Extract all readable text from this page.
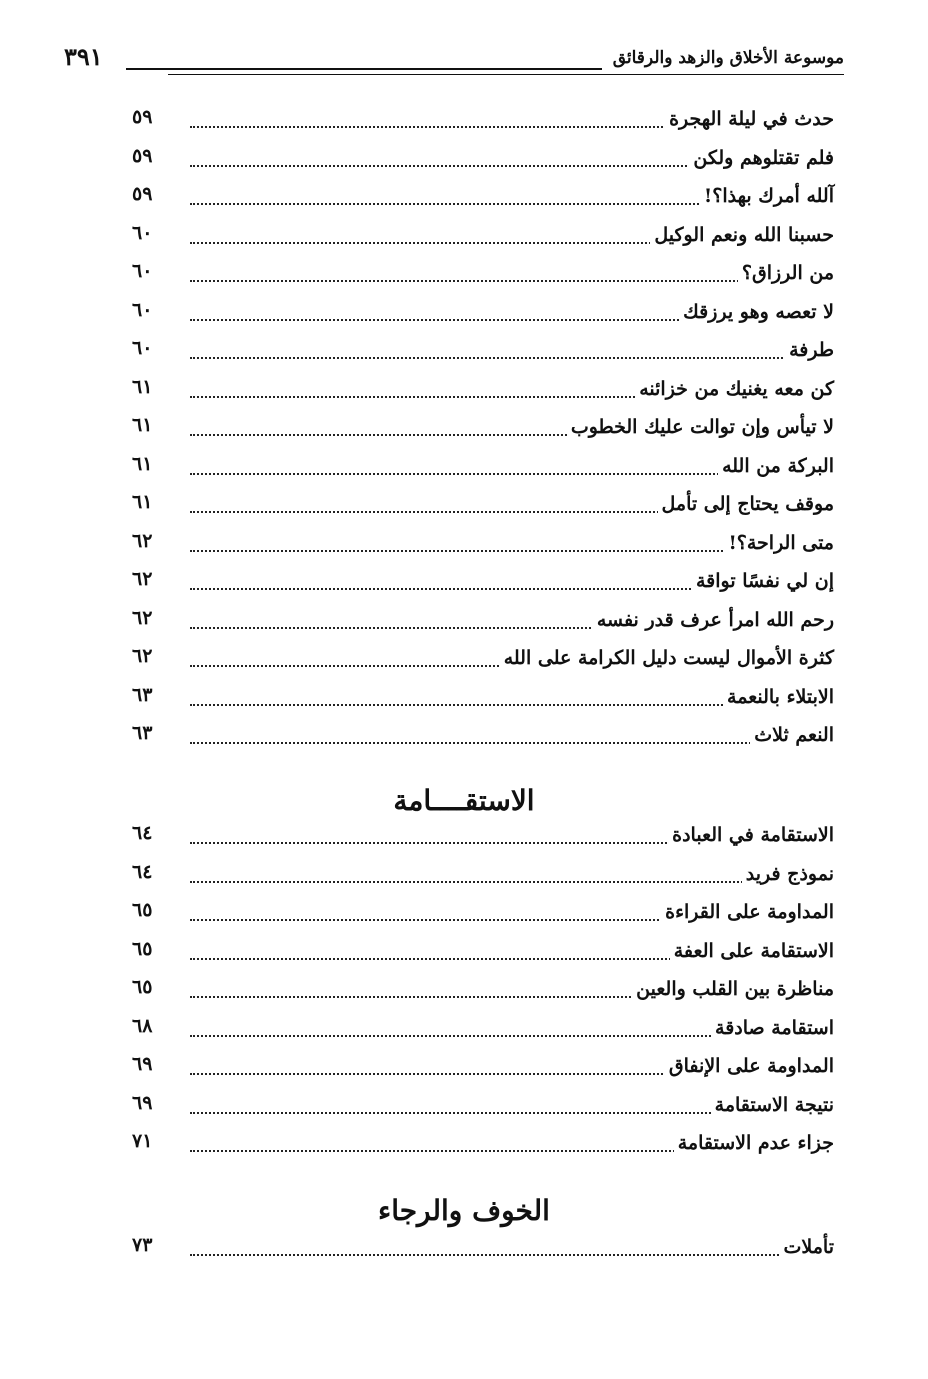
٣٩١	موسوعة الأخلاق والزهد والرقائق
حدث في ليلة الهجرة
٥٩
فلم تقتلوهم ولكن
٥٩
آلله أمرك بهذا؟!
٥٩
حسبنا الله ونعم الوكيل
٦٠
من الرزاق؟
٦٠
لا تعصه وهو يرزقك
٦٠
طرفة
٦٠
كن معه يغنيك من خزائنه
٦١
لا تيأس وإن توالت عليك الخطوب
٦١
البركة من الله
٦١
موقف يحتاج إلى تأمل
٦١
متى الراحة؟!
٦٢
إن لي نفسًا تواقة
٦٢
رحم الله امرأ عرف قدر نفسه
٦٢
كثرة الأموال ليست دليل الكرامة على الله
٦٢
الابتلاء بالنعمة
٦٣
النعم ثلاث
٦٣
الاستقــــامة
الاستقامة في العبادة
٦٤
نموذج فريد
٦٤
المداومة على القراءة
٦٥
الاستقامة على العفة
٦٥
مناظرة بين القلب والعين
٦٥
استقامة صادقة
٦٨
المداومة على الإنفاق
٦٩
نتيجة الاستقامة
٦٩
جزاء عدم الاستقامة
٧١
الخوف والرجاء
تأملات
٧٣
